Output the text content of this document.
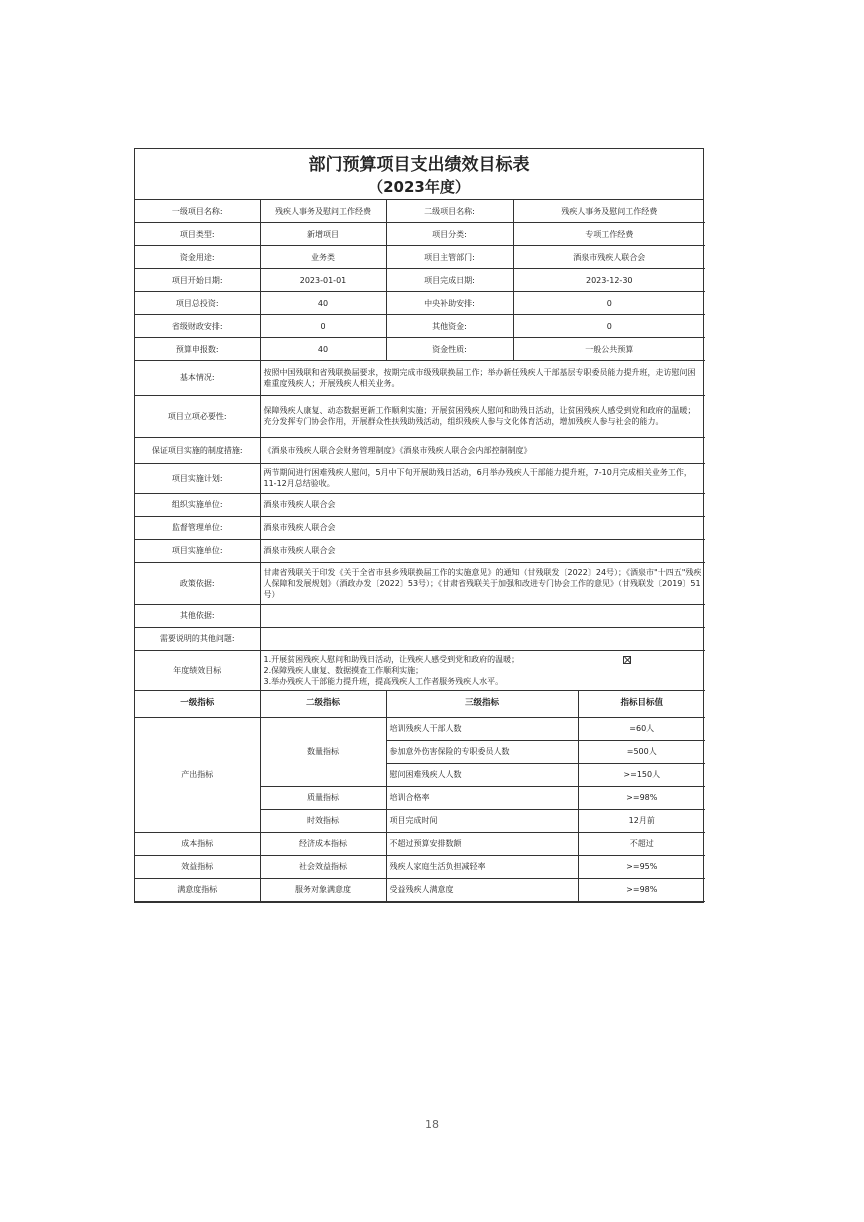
部门预算项目支出绩效目标表
（2023年度）
一级项目名称:	残疾人事务及慰问工作经费	二级项目名称:	残疾人事务及慰问工作经费
项目类型:	新增项目	项目分类:	专项工作经费
资金用途:	业务类	项目主管部门:	酒泉市残疾人联合会
项目开始日期:	2023-01-01	项目完成日期:	2023-12-30
项目总投资:	40	中央补助安排:	0
省级财政安排:	0	其他资金:	0
预算申报数:	40	资金性质:	一般公共预算
基本情况:	按照中国残联和省残联换届要求，按期完成市级残联换届工作；举办新任残疾人干部基层专职委员能力提升班，走访慰问困难重度残疾人；开展残疾人相关业务。
项目立项必要性:	保障残疾人康复、动态数据更新工作顺利实施；开展贫困残疾人慰问和助残日活动，让贫困残疾人感受到党和政府的温暖；充分发挥专门协会作用，开展群众性扶残助残活动，组织残疾人参与文化体育活动，增加残疾人参与社会的能力。
保证项目实施的制度措施:	《酒泉市残疾人联合会财务管理制度》《酒泉市残疾人联合会内部控制制度》
项目实施计划:	两节期间进行困难残疾人慰问，5月中下旬开展助残日活动，6月举办残疾人干部能力提升班，7-10月完成相关业务工作，11-12月总结验收。
组织实施单位:	酒泉市残疾人联合会
监督管理单位:	酒泉市残疾人联合会
项目实施单位:	酒泉市残疾人联合会
政策依据:	甘肃省残联关于印发《关于全省市县乡残联换届工作的实施意见》的通知（甘残联发〔2022〕24号）；《酒泉市"十四五"残疾人保障和发展规划》（酒政办发〔2022〕53号）；《甘肃省残联关于加强和改进专门协会工作的意见》（甘残联发〔2019〕51号）
其他依据:	
需要说明的其他问题:	
年度绩效目标	1.开展贫困残疾人慰问和助残日活动，让残疾人感受到党和政府的温暖；
2.保障残疾人康复、数据摸查工作顺利实施；
3.举办残疾人干部能力提升班，提高残疾人工作者服务残疾人水平。
一级指标	二级指标	三级指标	指标目标值
产出指标	数量指标	培训残疾人干部人数	=60人
		参加意外伤害保险的专职委员人数	=500人
		慰问困难残疾人人数	>=150人
	质量指标	培训合格率	>=98%
	时效指标	项目完成时间	12月前
成本指标	经济成本指标	不超过预算安排数额	不超过
效益指标	社会效益指标	残疾人家庭生活负担减轻率	>=95%
满意度指标	服务对象满意度	受益残疾人满意度	>=98%
18
